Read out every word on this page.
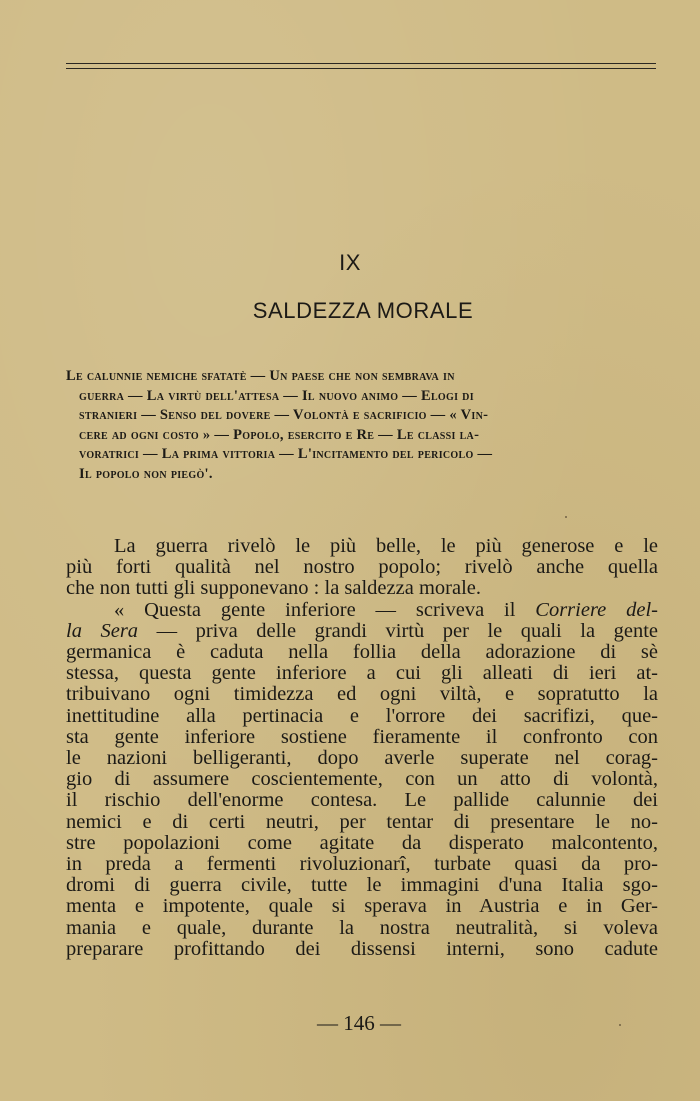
IX
SALDEZZA MORALE
Le calunnie nemiche sfatatè — Un paese che non sembrava in
guerra — La virtù dell'attesa — Il nuovo animo — Elogi di
stranieri — Senso del dovere — Volontà e sacrificio — « Vin-
cere ad ogni costo » — Popolo, esercito e Re — Le classi la-
voratrici — La prima vittoria — L'incitamento del pericolo —
Il popolo non piegò'.
La guerra rivelò le più belle, le più generose e le
più forti qualità nel nostro popolo; rivelò anche quella
che non tutti gli supponevano : la saldezza morale.
« Questa gente inferiore — scriveva il Corriere del-
la Sera — priva delle grandi virtù per le quali la gente
germanica è caduta nella follia della adorazione di sè
stessa, questa gente inferiore a cui gli alleati di ieri at-
tribuivano ogni timidezza ed ogni viltà, e sopratutto la
inettitudine alla pertinacia e l'orrore dei sacrifizi, que-
sta gente inferiore sostiene fieramente il confronto con
le nazioni belligeranti, dopo averle superate nel corag-
gio di assumere coscientemente, con un atto di volontà,
il rischio dell'enorme contesa. Le pallide calunnie dei
nemici e di certi neutri, per tentar di presentare le no-
stre popolazioni come agitate da disperato malcontento,
in preda a fermenti rivoluzionarî, turbate quasi da pro-
dromi di guerra civile, tutte le immagini d'una Italia sgo-
menta e impotente, quale si sperava in Austria e in Ger-
mania e quale, durante la nostra neutralità, si voleva
preparare profittando dei dissensi interni, sono cadute
— 146 —
